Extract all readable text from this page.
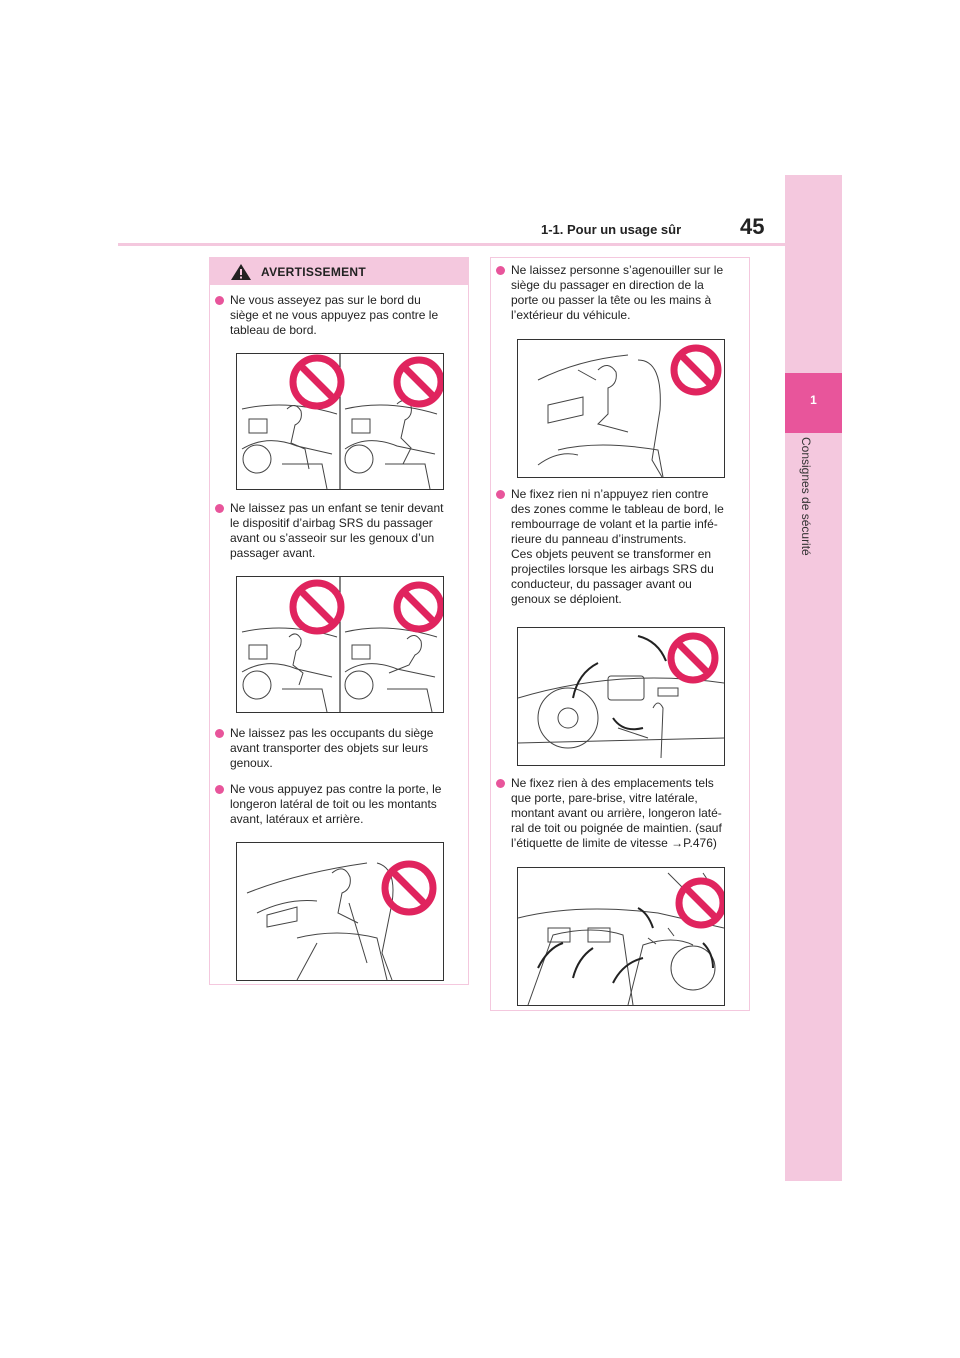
1
Consignes de sécurité
1-1. Pour un usage sûr	45
AVERTISSEMENT
Ne vous asseyez pas sur le bord du
siège et ne vous appuyez pas contre le
tableau de bord.
Ne laissez pas un enfant se tenir devant
le dispositif d’airbag SRS du passager
avant ou s’asseoir sur les genoux d’un
passager avant.
Ne laissez pas les occupants du siège
avant transporter des objets sur leurs
genoux.
Ne vous appuyez pas contre la porte, le
longeron latéral de toit ou les montants
avant, latéraux et arrière.
Ne laissez personne s’agenouiller sur le
siège du passager en direction de la
porte ou passer la tête ou les mains à
l’extérieur du véhicule.
Ne fixez rien ni n’appuyez rien contre
des zones comme le tableau de bord, le
rembourrage de volant et la partie infé-
rieure du panneau d’instruments.
Ces objets peuvent se transformer en
projectiles lorsque les airbags SRS du
conducteur, du passager avant ou
genoux se déploient.
Ne fixez rien à des emplacements tels
que porte, pare-brise, vitre latérale,
montant avant ou arrière, longeron laté-
ral de toit ou poignée de maintien. (sauf
l’étiquette de limite de vitesse →P.476)
